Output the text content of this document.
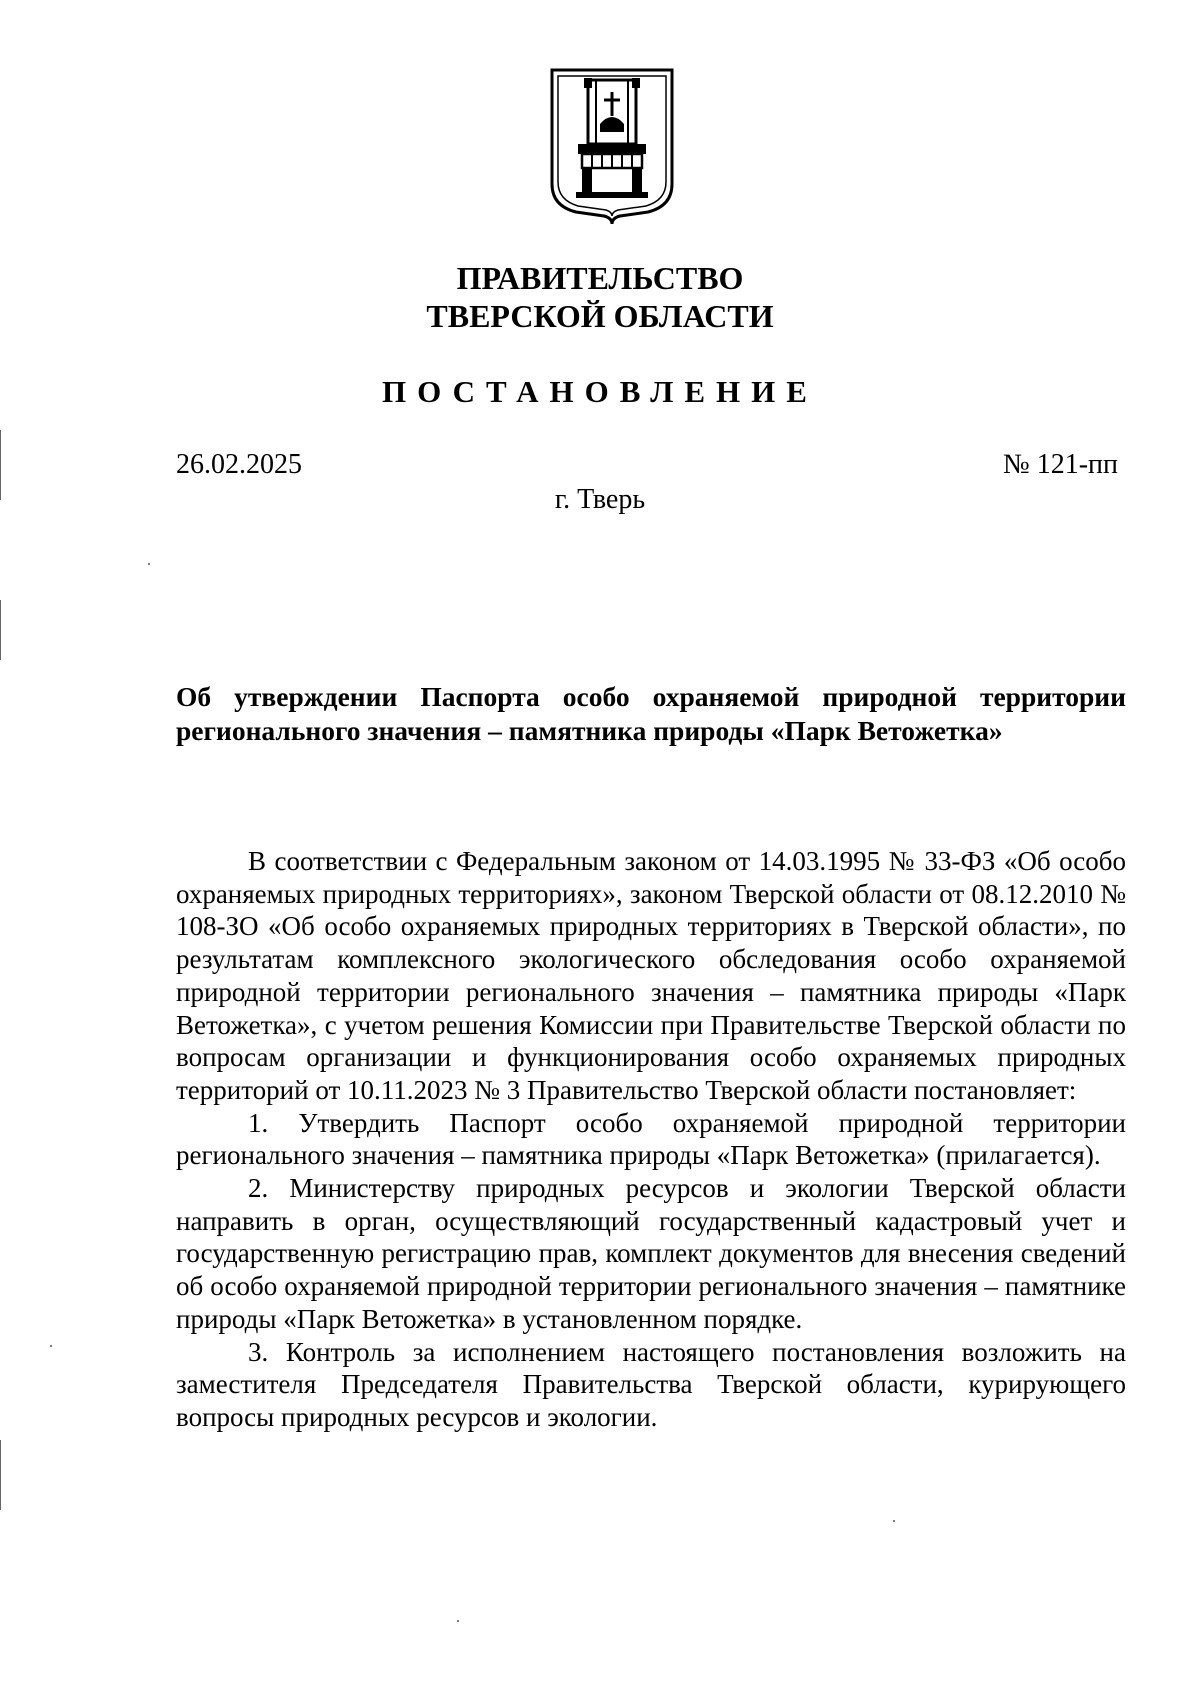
ПРАВИТЕЛЬСТВО
ТВЕРСКОЙ ОБЛАСТИ
ПОСТАНОВЛЕНИЕ
26.02.2025	№ 121-пп
г. Тверь
Об утверждении Паспорта особо охраняемой природной территории регионального значения – памятника природы «Парк Ветожетка»

В соответствии с Федеральным законом от 14.03.1995 № 33-ФЗ «Об особо охраняемых природных территориях», законом Тверской области от 08.12.2010 № 108-ЗО «Об особо охраняемых природных территориях в Тверской области», по результатам комплексного экологического обследования особо охраняемой природной территории регионального значения – памятника природы «Парк Ветожетка», с учетом решения Комиссии при Правительстве Тверской области по вопросам организации и функционирования особо охраняемых природных территорий от 10.11.2023 № 3 Правительство Тверской области постановляет:

1. Утвердить Паспорт особо охраняемой природной территории регионального значения – памятника природы «Парк Ветожетка» (прилагается).

2. Министерству природных ресурсов и экологии Тверской области направить в орган, осуществляющий государственный кадастровый учет и государственную регистрацию прав, комплект документов для внесения сведений об особо охраняемой природной территории регионального значения – памятнике природы «Парк Ветожетка» в установленном порядке.

3. Контроль за исполнением настоящего постановления возложить на заместителя Председателя Правительства Тверской области, курирующего вопросы природных ресурсов и экологии.
